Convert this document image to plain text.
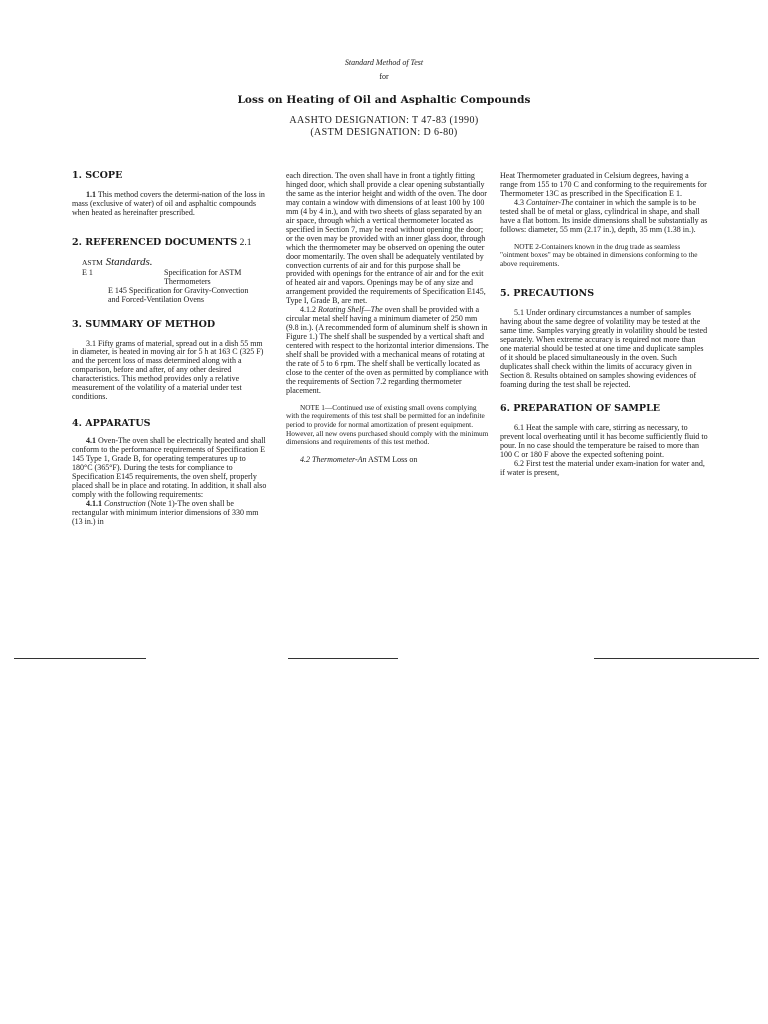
Standard Method of Test
for
Loss on Heating of Oil and Asphaltic Compounds
AASHTO DESIGNATION: T 47-83 (1990)
(ASTM DESIGNATION: D 6-80)

1. SCOPE

1.1 This method covers the determi-nation of the loss in mass (exclusive of water) of oil and asphaltic compounds when heated as hereinafter prescribed.

2. REFERENCED DOCUMENTS 2.1

ASTM Standards.

E 1	Specification for ASTM Thermometers

E 145 Specification for Gravity-Convection and Forced-Ventilation Ovens

3. SUMMARY OF METHOD

3.1 Fifty grams of material, spread out in a dish 55 mm in diameter, is heated in moving air for 5 h at 163 C (325 F) and the percent loss of mass determined along with a comparison, before and after, of any other desired characteristics. This method provides only a relative measurement of the volatility of a material under test conditions.

4. APPARATUS

4.1 Oven-The oven shall be electrically heated and shall conform to the performance requirements of Specification E 145 Type 1, Grade B, for operating temperatures up to 180°C (365°F). During the tests for compliance to Specification E145 requirements, the oven shelf, properly placed shall be in place and rotating. In addition, it shall also comply with the following requirements:

4.1.1 Construction (Note 1)-The oven shall be rectangular with minimum interior dimensions of 330 mm (13 in.) in

each direction. The oven shall have in front a tightly fitting hinged door, which shall provide a clear opening substantially the same as the interior height and width of the oven. The door may contain a window with dimensions of at least 100 by 100 mm (4 by 4 in.), and with two sheets of glass separated by an air space, through which a vertical thermometer located as specified in Section 7, may be read without opening the door; or the oven may be provided with an inner glass door, through which the thermometer may be observed on opening the outer door momentarily. The oven shall be adequately ventilated by convection currents of air and for this purpose shall be provided with openings for the entrance of air and for the exit of heated air and vapors. Openings may be of any size and arrangement provided the requirements of Specification E145, Type I, Grade B, are met.

4.1.2 Rotating Shelf—The oven shall be provided with a circular metal shelf having a minimum diameter of 250 mm (9.8 in.). (A recommended form of aluminum shelf is shown in Figure 1.) The shelf shall be suspended by a vertical shaft and centered with respect to the horizontal interior dimensions. The shelf shall be provided with a mechanical means of rotating at the rate of 5 to 6 rpm. The shelf shall be vertically located as close to the center of the oven as permitted by compliance with the requirements of Section 7.2 regarding thermometer placement.

NOTE 1—Continued use of existing small ovens complying with the requirements of this test shall be permitted for an indefinite period to provide for normal amortization of present equipment. However, all new ovens purchased should comply with the minimum dimensions and requirements of this test method.

4.2 Thermometer-An ASTM Loss on

Heat Thermometer graduated in Celsium degrees, having a range from 155 to 170 C and conforming to the requirements for Thermometer 13C as prescribed in the Specification E 1.

4.3 Container-The container in which the sample is to be tested shall be of metal or glass, cylindrical in shape, and shall have a flat bottom. Its inside dimensions shall be substantially as follows: diameter, 55 mm (2.17 in.), depth, 35 mm (1.38 in.).

NOTE 2-Containers known in the drug trade as seamless "ointment boxes" may be obtained in dimensions conforming to the above requirements.

5. PRECAUTIONS

5.1 Under ordinary circumstances a number of samples having about the same degree of volatility may be tested at the same time. Samples varying greatly in volatility should be tested separately. When extreme accuracy is required not more than one material should be tested at one time and duplicate samples of it should be placed simultaneously in the oven. Such duplicates shall check within the limits of accuracy given in Section 8. Results obtained on samples showing evidences of foaming during the test shall be rejected.

6. PREPARATION OF SAMPLE

6.1 Heat the sample with care, stirring as necessary, to prevent local overheating until it has become sufficiently fluid to pour. In no case should the temperature be raised to more than 100 C or 180 F above the expected softening point.

6.2 First test the material under exam-ination for water and, if water is present,
